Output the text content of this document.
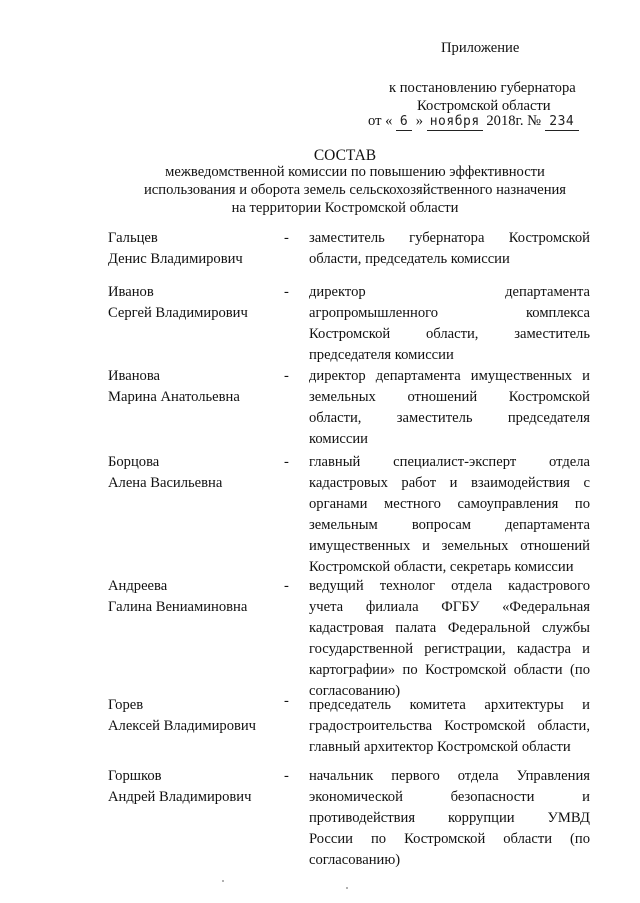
Приложение
к постановлению губернатора
Костромской области
от « 6 » ноября 2018г. № 234
СОСТАВ
межведомственной комиссии по повышению эффективности
использования и оборота земель сельскохозяйственного назначения
на территории Костромской области
Гальцев
Денис Владимирович
- заместитель губернатора Костромской
области, председатель комиссии
Иванов
Сергей Владимирович
- директор департамента
агропромышленного комплекса
Костромской области, заместитель
председателя комиссии
Иванова
Марина Анатольевна
- директор департамента имущественных и
земельных отношений Костромской
области, заместитель председателя
комиссии
Борцова
Алена Васильевна
- главный специалист-эксперт отдела
кадастровых работ и взаимодействия с
органами местного самоуправления по
земельным вопросам департамента
имущественных и земельных отношений
Костромской области, секретарь комиссии
Андреева
Галина Вениаминовна
- ведущий технолог отдела кадастрового
учета филиала ФГБУ «Федеральная
кадастровая палата Федеральной службы
государственной регистрации, кадастра и
картографии» по Костромской области (по
согласованию)
Горев
Алексей Владимирович
- председатель комитета архитектуры и
градостроительства Костромской области,
главный архитектор Костромской области
Горшков
Андрей Владимирович
- начальник первого отдела Управления
экономической безопасности и
противодействия коррупции УМВД
России по Костромской области (по
согласованию)
